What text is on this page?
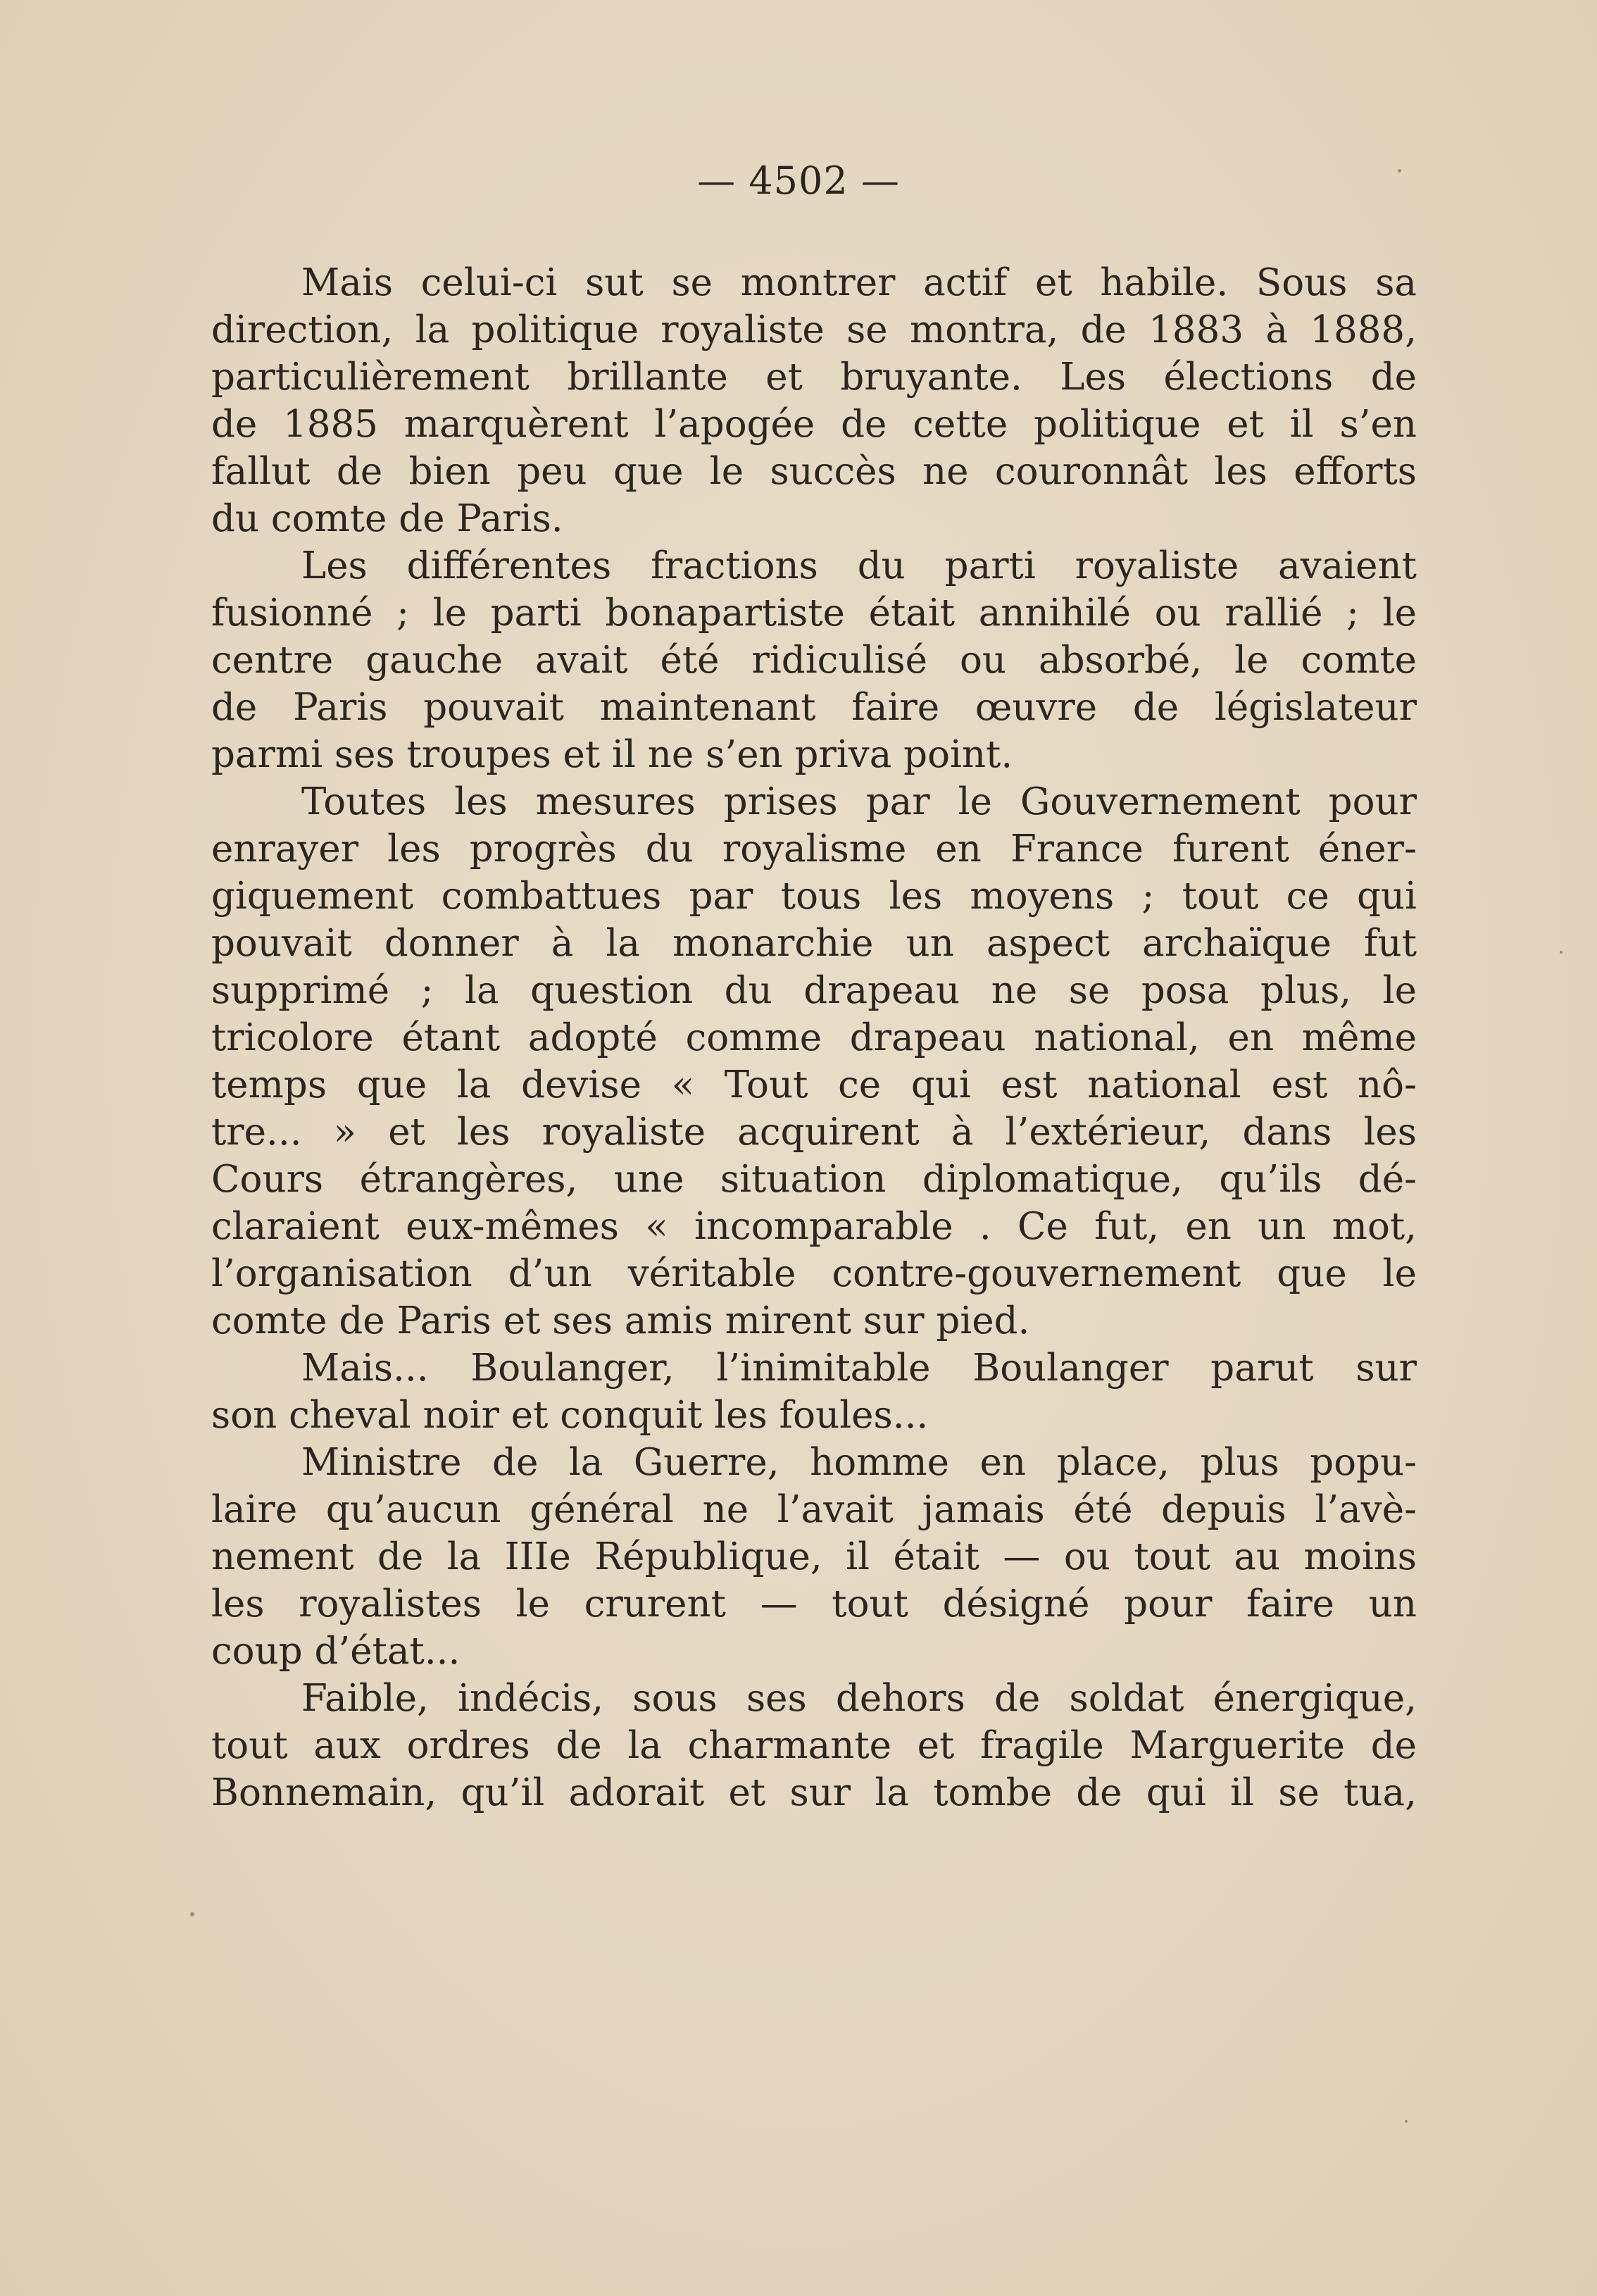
— 4502 —
Mais celui-ci sut se montrer actif et habile. Sous sa
direction, la politique royaliste se montra, de 1883 à 1888,
particulièrement brillante et bruyante. Les élections de
de 1885 marquèrent l’apogée de cette politique et il s’en
fallut de bien peu que le succès ne couronnât les efforts
du comte de Paris.
Les différentes fractions du parti royaliste avaient
fusionné ; le parti bonapartiste était annihilé ou rallié ; le
centre gauche avait été ridiculisé ou absorbé, le comte
de Paris pouvait maintenant faire œuvre de législateur
parmi ses troupes et il ne s’en priva point.
Toutes les mesures prises par le Gouvernement pour
enrayer les progrès du royalisme en France furent éner-
giquement combattues par tous les moyens ; tout ce qui
pouvait donner à la monarchie un aspect archaïque fut
supprimé ; la question du drapeau ne se posa plus, le
tricolore étant adopté comme drapeau national, en même
temps que la devise « Tout ce qui est national est nô-
tre... » et les royaliste acquirent à l’extérieur, dans les
Cours étrangères, une situation diplomatique, qu’ils dé-
claraient eux-mêmes « incomparable . Ce fut, en un mot,
l’organisation d’un véritable contre-gouvernement que le
comte de Paris et ses amis mirent sur pied.
Mais... Boulanger, l’inimitable Boulanger parut sur
son cheval noir et conquit les foules...
Ministre de la Guerre, homme en place, plus popu-
laire qu’aucun général ne l’avait jamais été depuis l’avè-
nement de la IIIe République, il était — ou tout au moins
les royalistes le crurent — tout désigné pour faire un
coup d’état...
Faible, indécis, sous ses dehors de soldat énergique,
tout aux ordres de la charmante et fragile Marguerite de
Bonnemain, qu’il adorait et sur la tombe de qui il se tua,
